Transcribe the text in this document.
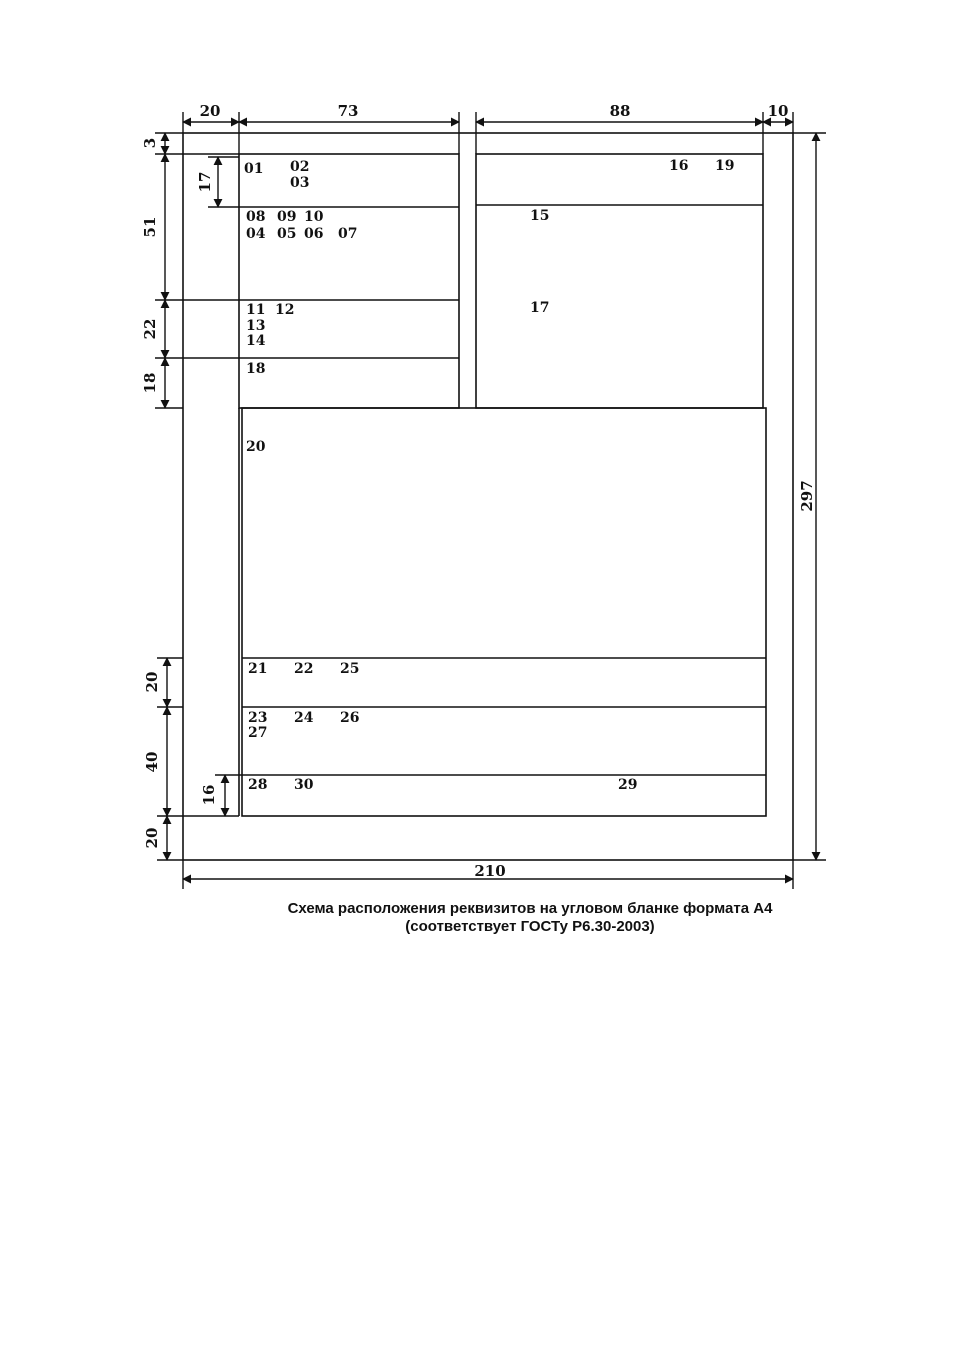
20	73	88	10
210
3
51
22
18
17
20
40
20
16
297
01 02
03
08 09 10
04 05 06 07
11 12
13
14
18
16 19
15
17
20
21 22 25
23 24 26
27
28 30	29
Схема расположения реквизитов на угловом бланке формата А4
(соответствует ГОСТу Р6.30-2003)
